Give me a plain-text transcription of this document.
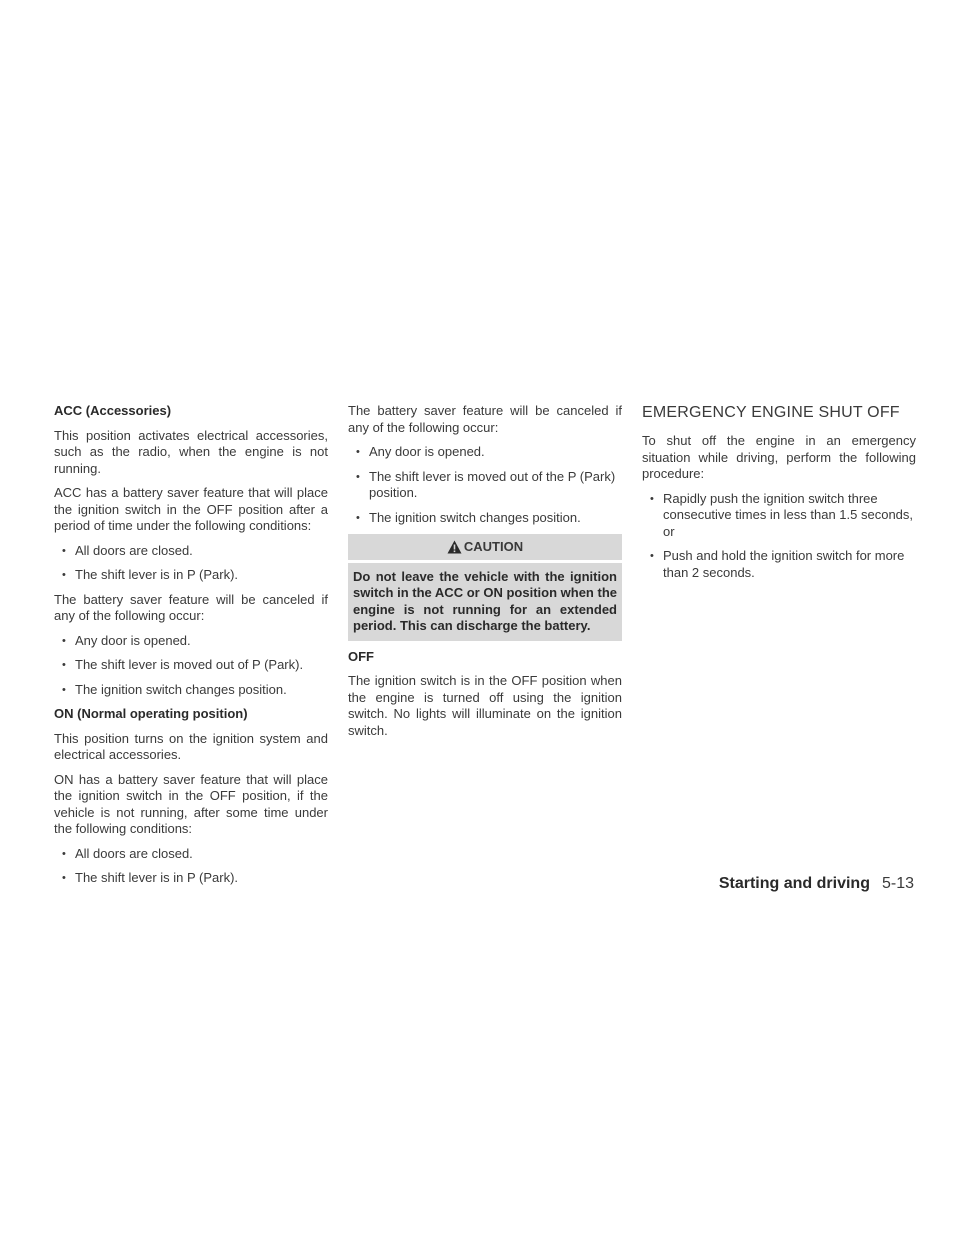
ACC (Accessories)

This position activates electrical accessories, such as the radio, when the engine is not running.

ACC has a battery saver feature that will place the ignition switch in the OFF position after a period of time under the following conditions:

• All doors are closed.
• The shift lever is in P (Park).

The battery saver feature will be canceled if any of the following occur:

• Any door is opened.
• The shift lever is moved out of P (Park).
• The ignition switch changes position.
ON (Normal operating position)

This position turns on the ignition system and electrical accessories.

ON has a battery saver feature that will place the ignition switch in the OFF position, if the vehicle is not running, after some time under the following conditions:

• All doors are closed.
• The shift lever is in P (Park).

The battery saver feature will be canceled if any of the following occur:

• Any door is opened.
• The shift lever is moved out of the P (Park) position.
• The ignition switch changes position.
CAUTION
Do not leave the vehicle with the ignition switch in the ACC or ON position when the engine is not running for an extended period. This can discharge the battery.
OFF

The ignition switch is in the OFF position when the engine is turned off using the ignition switch. No lights will illuminate on the ignition switch.

EMERGENCY ENGINE SHUT OFF

To shut off the engine in an emergency situation while driving, perform the following procedure:

• Rapidly push the ignition switch three consecutive times in less than 1.5 seconds, or
• Push and hold the ignition switch for more than 2 seconds.
Starting and driving 5-13
